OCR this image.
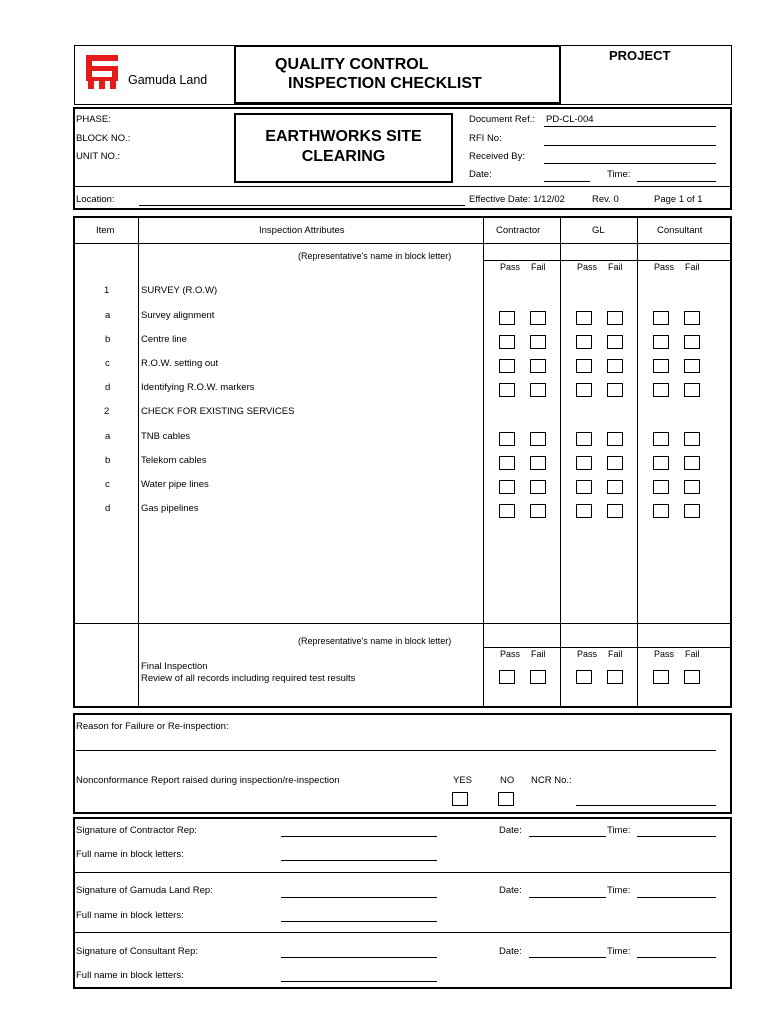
Gamuda Land
QUALITY CONTROL
INSPECTION CHECKLIST
PROJECT
PHASE:
BLOCK NO.:
UNIT NO.:
EARTHWORKS SITE
CLEARING
Document Ref.: PD-CL-004
RFI No:
Received By:
Date:	Time:
Location:	Effective Date: 1/12/02	Rev. 0	Page 1 of 1
Item	Inspection Attributes	Contractor	GL	Consultant
(Representative's name in block letter)
Pass Fail	Pass Fail	Pass Fail
1	SURVEY (R.O.W)
a	Survey alignment
b	Centre line
c	R.O.W. setting out
d	Identifying R.O.W. markers
2	CHECK FOR EXISTING SERVICES
a	TNB cables
b	Telekom cables
c	Water pipe lines
d	Gas pipelines
(Representative's name in block letter)
Pass Fail	Pass Fail	Pass Fail
Final Inspection
Review of all records including required test results
Reason for Failure or Re-inspection:
Nonconformance Report raised during inspection/re-inspection	YES	NO NCR No.:
Signature of Contractor Rep:	Date:	Time:
Full name in block letters:
Signature of Gamuda Land Rep:	Date:	Time:
Full name in block letters:
Signature of Consultant Rep:	Date:	Time:
Full name in block letters:
